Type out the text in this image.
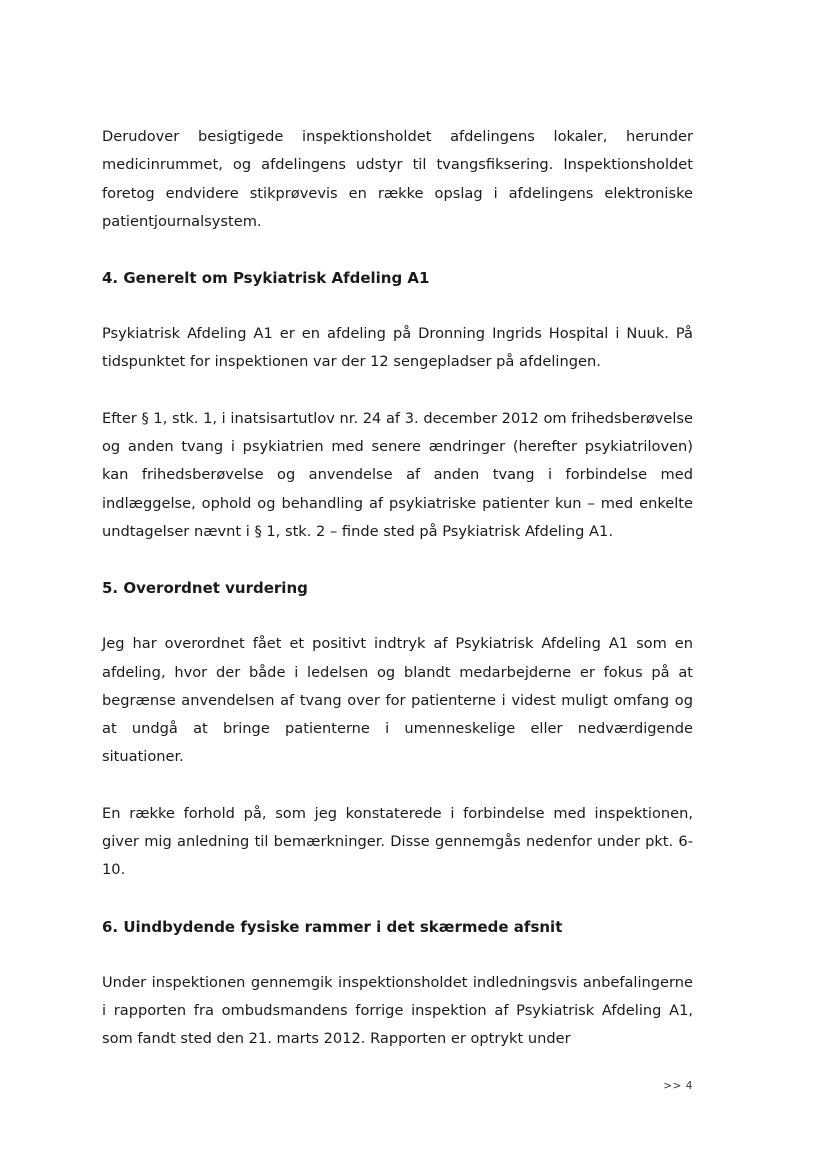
Derudover besigtigede inspektionsholdet afdelingens lokaler, herunder medicinrummet, og afdelingens udstyr til tvangsfiksering. Inspektionsholdet foretog endvidere stikprøvevis en række opslag i afdelingens elektroniske patientjournalsystem.

4. Generelt om Psykiatrisk Afdeling A1

Psykiatrisk Afdeling A1 er en afdeling på Dronning Ingrids Hospital i Nuuk. På tidspunktet for inspektionen var der 12 sengepladser på afdelingen.

Efter § 1, stk. 1, i inatsisartutlov nr. 24 af 3. december 2012 om frihedsberøvelse og anden tvang i psykiatrien med senere ændringer (herefter psykiatriloven) kan frihedsberøvelse og anvendelse af anden tvang i forbindelse med indlæggelse, ophold og behandling af psykiatriske patienter kun – med enkelte undtagelser nævnt i § 1, stk. 2 – finde sted på Psykiatrisk Afdeling A1.

5. Overordnet vurdering

Jeg har overordnet fået et positivt indtryk af Psykiatrisk Afdeling A1 som en afdeling, hvor der både i ledelsen og blandt medarbejderne er fokus på at begrænse anvendelsen af tvang over for patienterne i videst muligt omfang og at undgå at bringe patienterne i umenneskelige eller nedværdigende situationer.

En række forhold på, som jeg konstaterede i forbindelse med inspektionen, giver mig anledning til bemærkninger. Disse gennemgås nedenfor under pkt. 6-10.

6. Uindbydende fysiske rammer i det skærmede afsnit

Under inspektionen gennemgik inspektionsholdet indledningsvis anbefalingerne i rapporten fra ombudsmandens forrige inspektion af Psykiatrisk Afdeling A1, som fandt sted den 21. marts 2012. Rapporten er optrykt under

>> 4
